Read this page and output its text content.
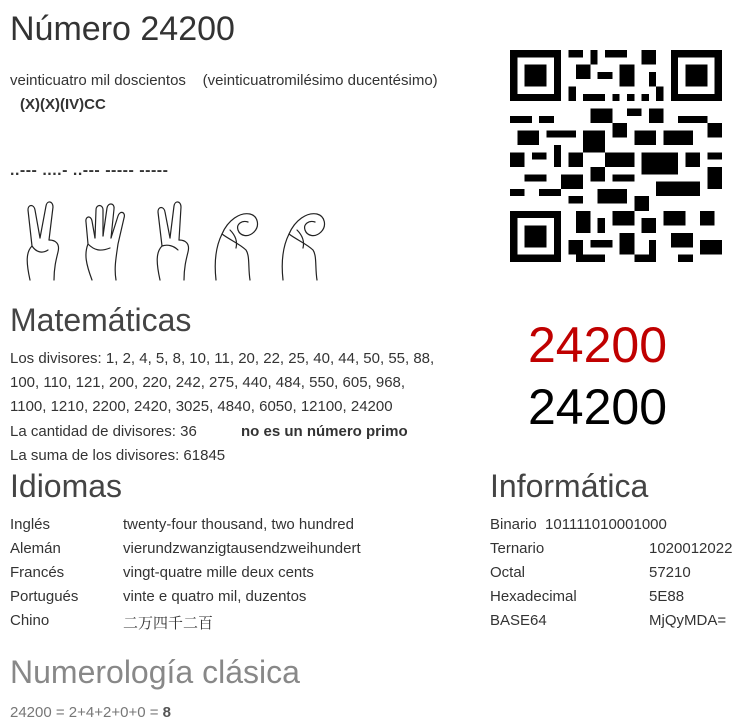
Número 24200
veinticuatro mil doscientos (veinticuatromilésimo ducentésimo)
(X)(X)(IV)CC
..--- ....- ..--- ----- -----
Matemáticas
Los divisores: 1, 2, 4, 5, 8, 10, 11, 20, 22, 25, 40, 44, 50, 55, 88,
100, 110, 121, 200, 220, 242, 275, 440, 484, 550, 605, 968,
1100, 1210, 2200, 2420, 3025, 4840, 6050, 12100, 24200
La cantidad de divisores: 36	no es un número primo
La suma de los divisores: 61845
24200
24200
Idiomas
Inglés	twenty-four thousand, two hundred
Alemán	vierundzwanzigtausendzweihundert
Francés	vingt-quatre mille deux cents
Portugués	vinte e quatro mil, duzentos
Chino	二万四千二百
Informática
Binario 101111010001000
Ternario	1020012022
Octal	57210
Hexadecimal	5E88
BASE64	MjQyMDA=
Numerología clásica
24200 = 2+4+2+0+0 = 8
